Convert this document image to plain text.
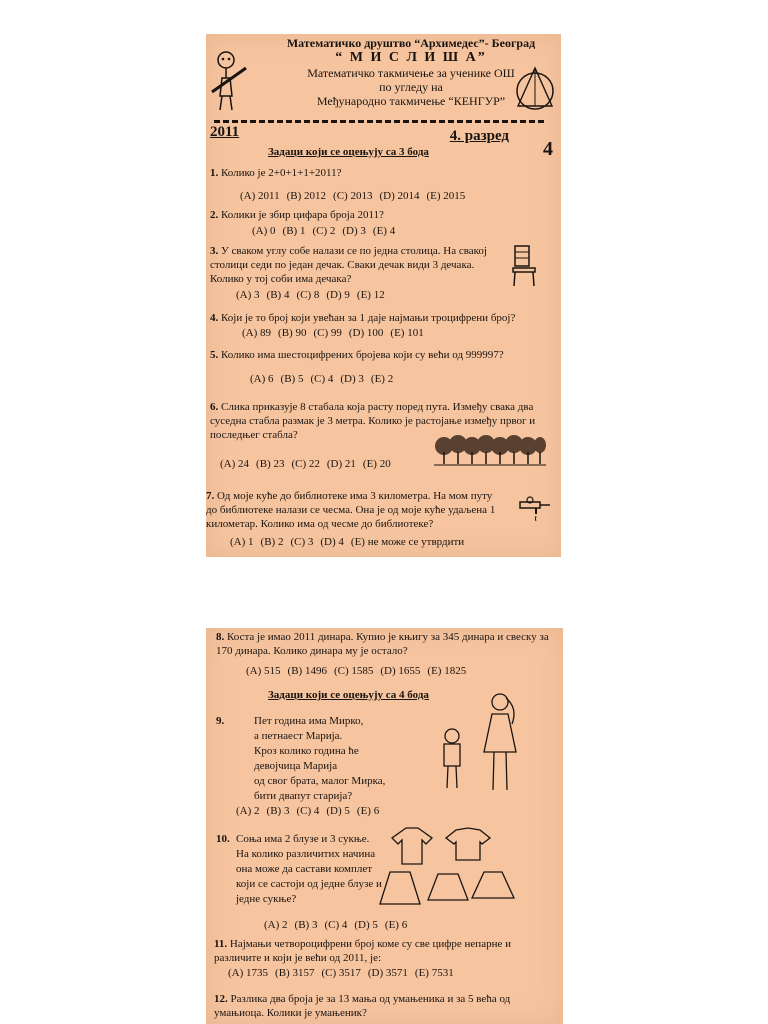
Математичко друштво “Архимедес”- Београд
“ М И С Л И Ш А”
Математичко такмичење за ученике ОШ
по угледу на
Међународно такмичење “КЕНГУР”
2011	4. разред
4
Задаци који се оцењују са 3 бода
1. Колико је 2+0+1+1+2011?
(A) 2011 (B) 2012 (C) 2013 (D) 2014 (E) 2015
2. Колики је збир цифара броја 2011?
(A) 0 (B) 1 (C) 2 (D) 3 (E) 4
3. У сваком углу собе налази се по једна столица. На свакој столици седи по један дечак. Сваки дечак види 3 дечака. Колико у тој соби има дечака?
(A) 3 (B) 4 (C) 8 (D) 9 (E) 12
4. Који је то број који увећан за 1 даје најмањи троцифрени број?
(A) 89 (B) 90 (C) 99 (D) 100 (E) 101
5. Колико има шестоцифрених бројева који су већи од 999997?
(A) 6 (B) 5 (C) 4 (D) 3 (E) 2
6. Слика приказује 8 стабала која расту поред пута. Између свака два суседна стабла размак је 3 метра. Колико је растојање између првог и последњег стабла?
(A) 24 (B) 23 (C) 22 (D) 21 (E) 20
7. Од моје куће до библиотеке има 3 километра. На мом путу до библиотеке налази се чесма. Она је од моје куће удаљена 1 километар. Колико има од чесме до библиотеке?
(A) 1 (B) 2 (C) 3 (D) 4 (E) не може се утврдити
8. Коста је имао 2011 динара. Купио је књигу за 345 динара и свеску за 170 динара. Колико динара му је остало?
(A) 515 (B) 1496 (C) 1585 (D) 1655 (E) 1825
Задаци који се оцењују са 4 бода
9.	Пет година има Мирко,
а петнаест Марија.
Кроз колико година ће
девојчица Марија
од свог брата, малог Мирка,
бити двапут старија?
(A) 2 (B) 3 (C) 4 (D) 5 (E) 6
10. Соња има 2 блузе и 3 сукње.
На колико различитих начина
она може да састави комплет
који се састоји од једне блузе и
једне сукње?
(A) 2 (B) 3 (C) 4 (D) 5 (E) 6
11. Најмањи четвороцифрени број коме су све цифре непарне и различите и који је већи од 2011, је:
(A) 1735 (B) 3157 (C) 3517 (D) 3571 (E) 7531
12. Разлика два броја је за 13 мања од умањеника и за 5 већа од умањиоца. Колики је умањеник?
